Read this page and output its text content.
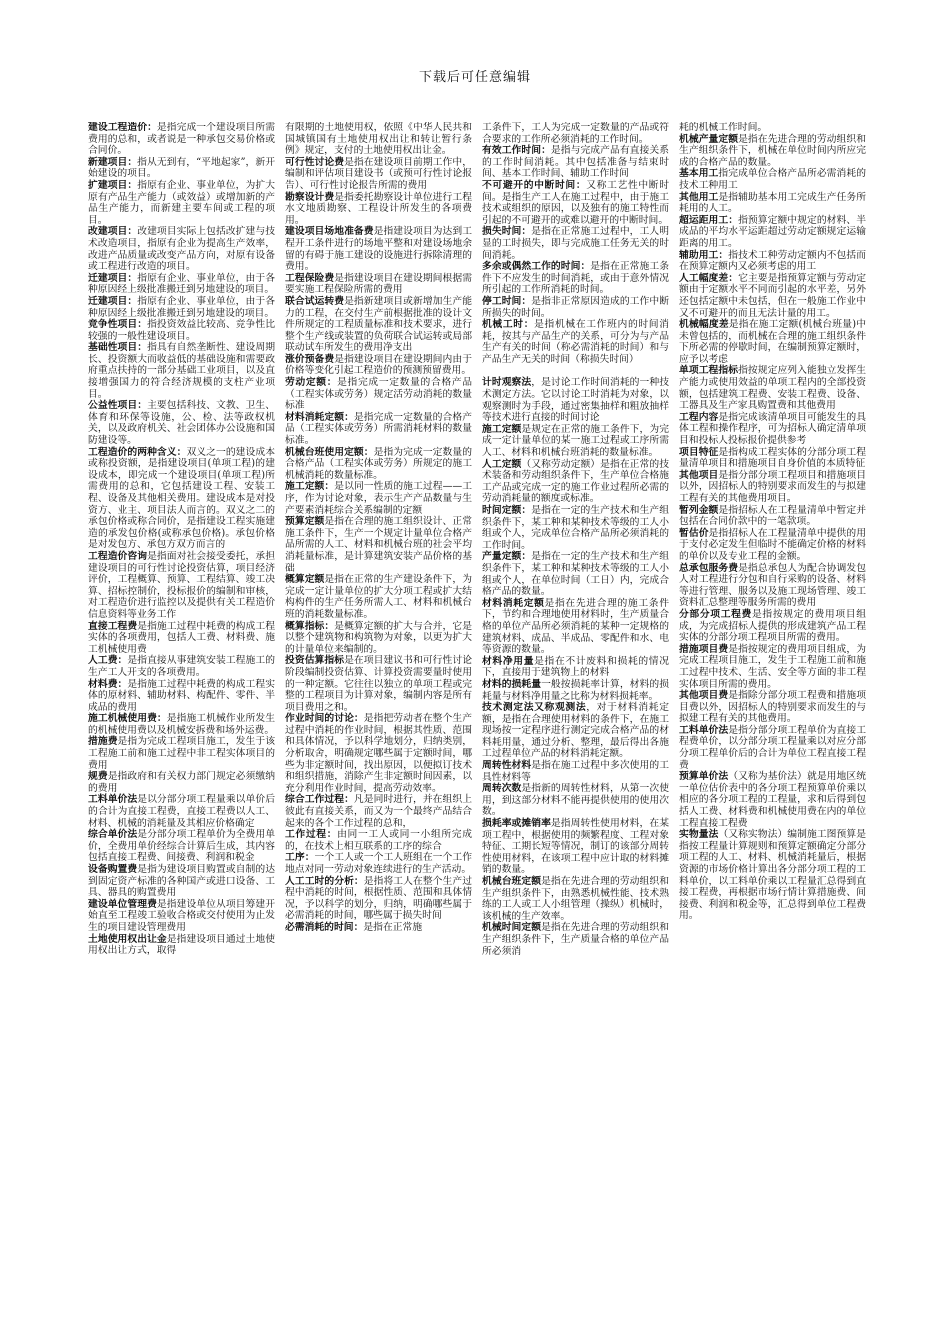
下载后可任意编辑

建设工程造价：是指完成一个建设项目所需费用的总和，或者说是一种承包交易价格或合同价。

新建项目：指从无到有，“平地起家”，新开始建设的项目。

扩建项目：指原有企业、事业单位，为扩大原有产品生产能力（或效益）或增加新的产品生产能力，而新建主要车间或工程的项目。

改建项目：改建项目实际上包括改扩建与技术改造项目，指原有企业为提高生产效率，改进产品质量或改变产品方向，对原有设备或工程进行改造的项目。

迁建项目：指原有企业、事业单位，由于各种原因经上级批准搬迁到另地建设的项目。

迁建项目：指原有企业、事业单位，由于各种原因经上级批准搬迁到另地建设的项目。

竞争性项目：指投资效益比较高、竞争性比较强的一般性建设项目。

基础性项目：指具有自然垄断性、建设周期长、投资额大而收益低的基础设施和需要政府重点扶持的一部分基础工业项目，以及直接增强国力的符合经济规模的支柱产业项目。

公益性项目：主要包括科技、文教、卫生、体育和环保等设施，公、检、法等政权机关，以及政府机关、社会团体办公设施和国防建设等。

工程造价的两种含义：双义之一的建设成本或称投资额，是指建设项目(单项工程)的建设成本，即完成一个建设项目(单项工程)所需费用的总和，它包括建设工程、安装工程、设备及其他相关费用。建设成本是对投资方、业主、项目法人而言的。双义之二的承包价格或称合同价，是指建设工程实施建造的承发包价格(或称承包价格)。承包价格是对发包方、承包方双方而言的

工程造价咨询是指面对社会接受委托，承担建设项目的可行性讨论投资估算，项目经济评价，工程概算、预算、工程结算、竣工决算、招标控制价，投标报价的编制和审核，对工程造价进行监控以及提供有关工程造价信息资料等业务工作

直接工程费是指施工过程中耗费的构成工程实体的各项费用，包括人工费、材料费、施工机械使用费

人工费：是指直接从事建筑安装工程施工的生产工人开支的各项费用。

材料费：是指施工过程中耗费的构成工程实体的原材料、辅助材料、构配件、零件、半成品的费用

施工机械使用费：是指施工机械作业所发生的机械使用费以及机械安拆费和场外运费。

措施费是指为完成工程项目施工，发生于该工程施工前和施工过程中非工程实体项目的费用

规费是指政府和有关权力部门规定必须缴纳的费用

工料单价法是以分部分项工程量乘以单价后的合计为直接工程费，直接工程费以人工、材料、机械的消耗量及其相应价格确定

综合单价法是分部分项工程单价为全费用单价，全费用单价经综合计算后生成，其内容包括直接工程费、间接费、利润和税金

设备购置费是指为建设项目购置或自制的达到固定资产标准的各种国产或进口设备、工具、器具的购置费用

建设单位管理费是指建设单位从项目筹建开始直至工程竣工验收合格或交付使用为止发生的项目建设管理费用

土地使用权出让金是指建设项目通过土地使用权出让方式，取得

有限期的土地使用权，依照《中华人民共和国城镇国有土地使用权出让和转让暂行条例》规定，支付的土地使用权出让金。

可行性讨论费是指在建设项目前期工作中，编制和评估项目建设书（或预可行性讨论报告）、可行性讨论报告所需的费用

勘察设计费是指委托勘察设计单位进行工程水文地质勘察、工程设计所发生的各项费用。

建设项目场地准备费是指建设项目为达到工程开工条件进行的场地平整和对建设场地余留的有碍于施工建设的设施进行拆除清理的费用。

工程保险费是指建设项目在建设期间根据需要实施工程保险所需的费用

联合试运转费是指新建项目或新增加生产能力的工程，在交付生产前根据批准的设计文件所规定的工程质量标准和技术要求，进行整个生产线或装置的负荷联合试运转或局部联动试车所发生的费用净支出

涨价预备费是指建设项目在建设期间内由于价格等变化引起工程造价的预测预留费用。

劳动定额：是指完成一定数量的合格产品（工程实体或劳务）规定活劳动消耗的数量标准

材料消耗定额：是指完成一定数量的合格产品（工程实体或劳务）所需消耗材料的数量标准。

机械台班使用定额：是指为完成一定数量的合格产品（工程实体或劳务）所规定的施工机械消耗的数量标准。

施工定额：是以同一性质的施工过程——工序，作为讨论对象，表示生产产品数量与生产要素消耗综合关系编制的定额

预算定额是指在合理的施工组织设计、正常施工条件下，生产一个规定计量单位合格产品所需的人工、材料和机械台班的社会平均消耗量标准，是计算建筑安装产品价格的基础

概算定额是指在正常的生产建设条件下，为完成一定计量单位的扩大分项工程或扩大结构构件的生产任务所需人工、材料和机械台班的消耗数量标准。

概算指标：是概算定额的扩大与合并，它是以整个建筑物和构筑物为对象，以更为扩大的计量单位来编制的。

投资估算指标是在项目建议书和可行性讨论阶段编制投资估算、计算投资需要量时使用的一种定额。它往往以独立的单项工程或完整的工程项目为计算对象，编制内容是所有项目费用之和。

作业时间的讨论：是指把劳动者在整个生产过程中消耗的作业时间，根据其性质、范围和具体情况，予以科学地划分，归纳类别，分析取舍，明确规定哪些属于定额时间，哪些为非定额时间，找出原因，以便拟订技术和组织措施，消除产生非定额时间因素，以充分利用作业时间，提高劳动效率。

综合工作过程：凡是同时进行，并在组织上彼此有直接关系，而又为一个最终产品结合起来的各个工作过程的总和，

工作过程：由同一工人或同一小组所完成的，在技术上相互联系的工序的综合

工序：一个工人或一个工人班组在一个工作地点对同一劳动对象连续进行的生产活动。

人工工时的分析：是指将工人在整个生产过程中消耗的时间，根据性质、范围和具体情况，予以科学的划分，归纳，明确哪些属于必需消耗的时间，哪些属于损失时间

必需消耗的时间：是指在正常施

工条件下，工人为完成一定数量的产品或符合要求的工作所必须消耗的工作时间。

有效工作时间：是指与完成产品有直接关系的工作时间消耗。其中包括准备与结束时间、基本工作时间、辅助工作时间

不可避开的中断时间：又称工艺性中断时间。是指生产工人在施工过程中，由于施工技术或组织的原因，以及独有的施工特性而引起的不可避开的或难以避开的中断时间。

损失时间：是指在正常施工过程中，工人明显的工时损失，即与完成施工任务无关的时间消耗。

多余或偶然工作的时间：是指在正常施工条件下不应发生的时间消耗，或由于意外情况所引起的工作所消耗的时间。

停工时间：是指非正常原因造成的工作中断所损失的时间。

机械工时：是指机械在工作班内的时间消耗，按其与产品生产的关系，可分为与产品生产有关的时间（称必需消耗的时间）和与产品生产无关的时间（称损失时间）

计时观察法，是讨论工作时间消耗的一种技术测定方法。它以讨论工时消耗为对象，以观察测时为手段，通过密集抽样和粗放抽样等技术进行直接的时间讨论

施工定额是规定在正常的施工条件下，为完成一定计量单位的某一施工过程或工序所需人工、材料和机械台班消耗的数量标准。

人工定额（又称劳动定额）是指在正常的技术装备和劳动组织条件下，生产单位合格施工产品或完成一定的施工作业过程所必需的劳动消耗量的额度或标准。

时间定额：是指在一定的生产技术和生产组织条件下，某工种和某种技术等级的工人小组或个人，完成单位合格产品所必须消耗的工作时间。

产量定额：是指在一定的生产技术和生产组织条件下，某工种和某种技术等级的工人小组或个人，在单位时间（工日）内，完成合格产品的数量。

材料消耗定额是指在先进合理的施工条件下，节约和合理地使用材料时，生产质量合格的单位产品所必须消耗的某种一定规格的建筑材料、成品、半成品、零配件和水、电等资源的数量。

材料净用量是指在不计废料和损耗的情况下，直接用于建筑物上的材料

材料的损耗量一般按损耗率计算，材料的损耗量与材料净用量之比称为材料损耗率。

技术测定法又称观测法，对于材料消耗定额，是指在合理使用材料的条件下，在施工现场按一定程序进行测定完成合格产品的材料耗用量，通过分析、整理，最后得出各施工过程单位产品的材料消耗定额。

周转性材料是指在施工过程中多次使用的工具性材料等

周转次数是指新的周转性材料，从第一次使用，到这部分材料不能再提供使用的使用次数。

损耗率或摊销率是指周转性使用材料，在某项工程中，根据使用的频繁程度、工程对象特征、工期长短等情况，制订的该部分周转性使用材料，在该项工程中应计取的材料摊销的数量。

机械台班定额是指在先进合理的劳动组织和生产组织条件下，由熟悉机械性能、技术熟练的工人或工人小组管理（操纵）机械时，该机械的生产效率。

机械时间定额是指在先进合理的劳动组织和生产组织条件下，生产质量合格的单位产品所必须消

耗的机械工作时间。

机械产量定额是指在先进合理的劳动组织和生产组织条件下，机械在单位时间内所应完成的合格产品的数量。

基本用工指完成单位合格产品所必需消耗的技术工种用工

其他用工是指辅助基本用工完成生产任务所耗用的人工。

超运距用工：指预算定额中规定的材料、半成品的平均水平运距超过劳动定额规定运输距离的用工。

辅助用工：指技术工种劳动定额内不包括而在预算定额内又必须考虑的用工

人工幅度差：它主要是指预算定额与劳动定额由于定额水平不同而引起的水平差，另外还包括定额中未包括，但在一般施工作业中又不可避开的而且无法计量的用工。

机械幅度差是指在施工定额(机械台班量)中未曾包括的，而机械在合理的施工组织条件下所必需的停歇时间，在编制预算定额时，应予以考虑

单项工程指标指按规定应列入能独立发挥生产能力或使用效益的单项工程内的全部投资额，包括建筑工程费、安装工程费、设备、工器具及生产家具购置费和其他费用

工程内容是指完成该清单项目可能发生的具体工程和操作程序，可为招标人确定清单项目和投标人投标报价提供参考

项目特征是指构成工程实体的分部分项工程量清单项目和措施项目自身价值的本质特征

其他项目是指分部分项工程项目和措施项目以外，因招标人的特别要求而发生的与拟建工程有关的其他费用项目。

暂列金额是指招标人在工程量清单中暂定并包括在合同价款中的一笔款项。

暂估价是指招标人在工程量清单中提供的用于支付必定发生但临时不能确定价格的材料的单价以及专业工程的金额。

总承包服务费是指总承包人为配合协调发包人对工程进行分包和自行采购的设备、材料等进行管理、服务以及施工现场管理、竣工资料汇总整理等服务所需的费用

分部分项工程费是指按规定的费用项目组成，为完成招标人提供的形成建筑产品工程实体的分部分项工程项目所需的费用。

措施项目费是指按规定的费用项目组成，为完成工程项目施工，发生于工程施工前和施工过程中技术、生活、安全等方面的非工程实体项目所需的费用。

其他项目费是指除分部分项工程费和措施项目费以外，因招标人的特别要求而发生的与拟建工程有关的其他费用。

工料单价法是指分部分项工程单价为直接工程费单价，以分部分项工程量乘以对应分部分项工程单价后的合计为单位工程直接工程费

预算单价法（又称为基价法）就是用地区统一单位估价表中的各分项工程预算单价乘以相应的各分项工程的工程量，求和后得到包括人工费、材料费和机械使用费在内的单位工程直接工程费

实物量法（又称实物法）编制施工图预算是指按工程量计算规则和预算定额确定分部分项工程的人工、材料、机械消耗量后，根据资源的市场价格计算出各分部分项工程的工料单价，以工料单价乘以工程量汇总得到直接工程费，再根据市场行情计算措施费、间接费、利润和税金等，汇总得到单位工程费用。
